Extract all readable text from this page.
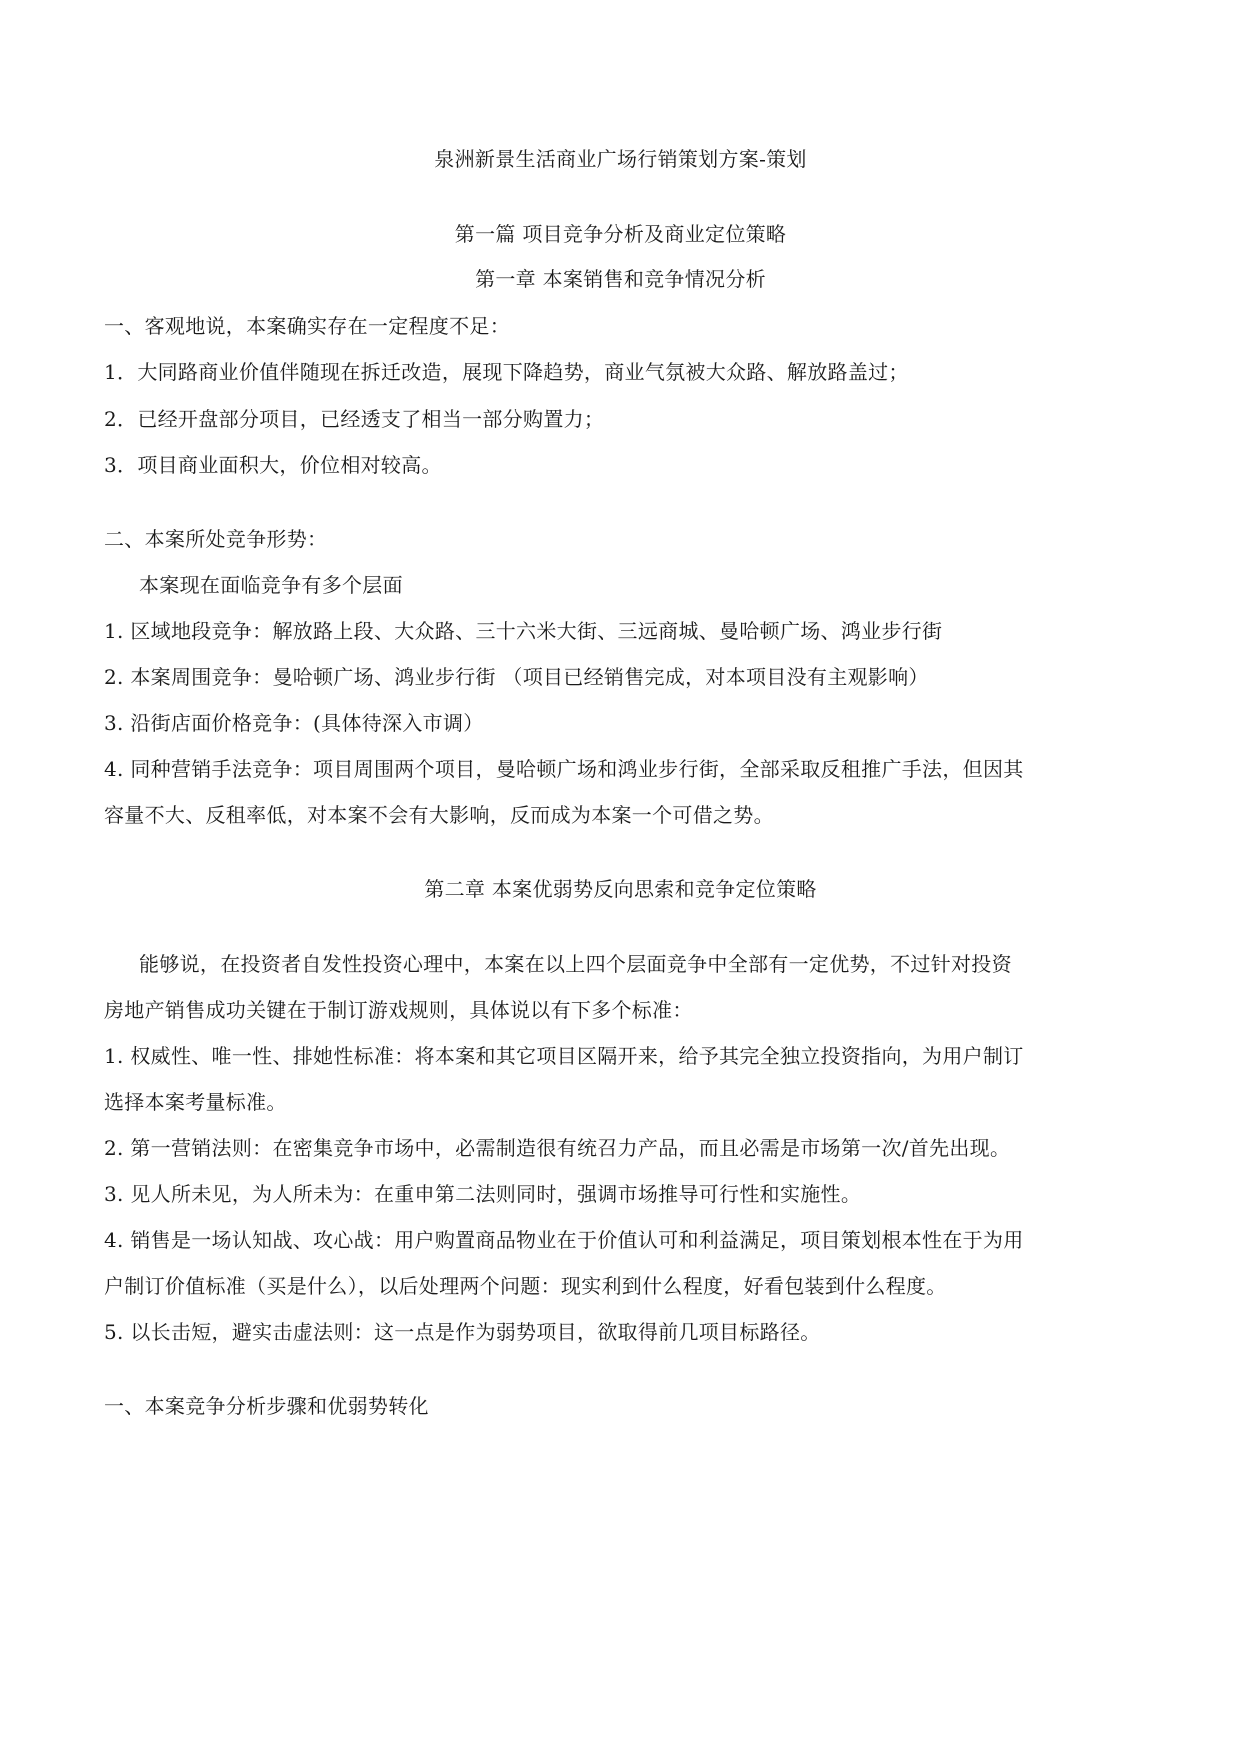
泉洲新景生活商业广场行销策划方案-策划
第一篇 项目竞争分析及商业定位策略
第一章 本案销售和竞争情况分析
一、客观地说，本案确实存在一定程度不足：
1．大同路商业价值伴随现在拆迁改造，展现下降趋势，商业气氛被大众路、解放路盖过；
2．已经开盘部分项目，已经透支了相当一部分购置力；
3．项目商业面积大，价位相对较高。
二、本案所处竞争形势：
本案现在面临竞争有多个层面
1. 区域地段竞争：解放路上段、大众路、三十六米大街、三远商城、曼哈顿广场、鸿业步行街
2. 本案周围竞争：曼哈顿广场、鸿业步行街 （项目已经销售完成，对本项目没有主观影响）
3. 沿街店面价格竞争：(具体待深入市调）
4. 同种营销手法竞争：项目周围两个项目，曼哈顿广场和鸿业步行街，全部采取反租推广手法，但因其
容量不大、反租率低，对本案不会有大影响，反而成为本案一个可借之势。
第二章 本案优弱势反向思索和竞争定位策略
能够说，在投资者自发性投资心理中，本案在以上四个层面竞争中全部有一定优势，不过针对投资
房地产销售成功关键在于制订游戏规则，具体说以有下多个标准：
1. 权威性、唯一性、排她性标准：将本案和其它项目区隔开来，给予其完全独立投资指向，为用户制订
选择本案考量标准。
2. 第一营销法则：在密集竞争市场中，必需制造很有统召力产品，而且必需是市场第一次/首先出现。
3. 见人所未见，为人所未为：在重申第二法则同时，强调市场推导可行性和实施性。
4. 销售是一场认知战、攻心战：用户购置商品物业在于价值认可和利益满足，项目策划根本性在于为用
户制订价值标准（买是什么），以后处理两个问题：现实利到什么程度，好看包装到什么程度。
5. 以长击短，避实击虚法则：这一点是作为弱势项目，欲取得前几项目标路径。
一、本案竞争分析步骤和优弱势转化
